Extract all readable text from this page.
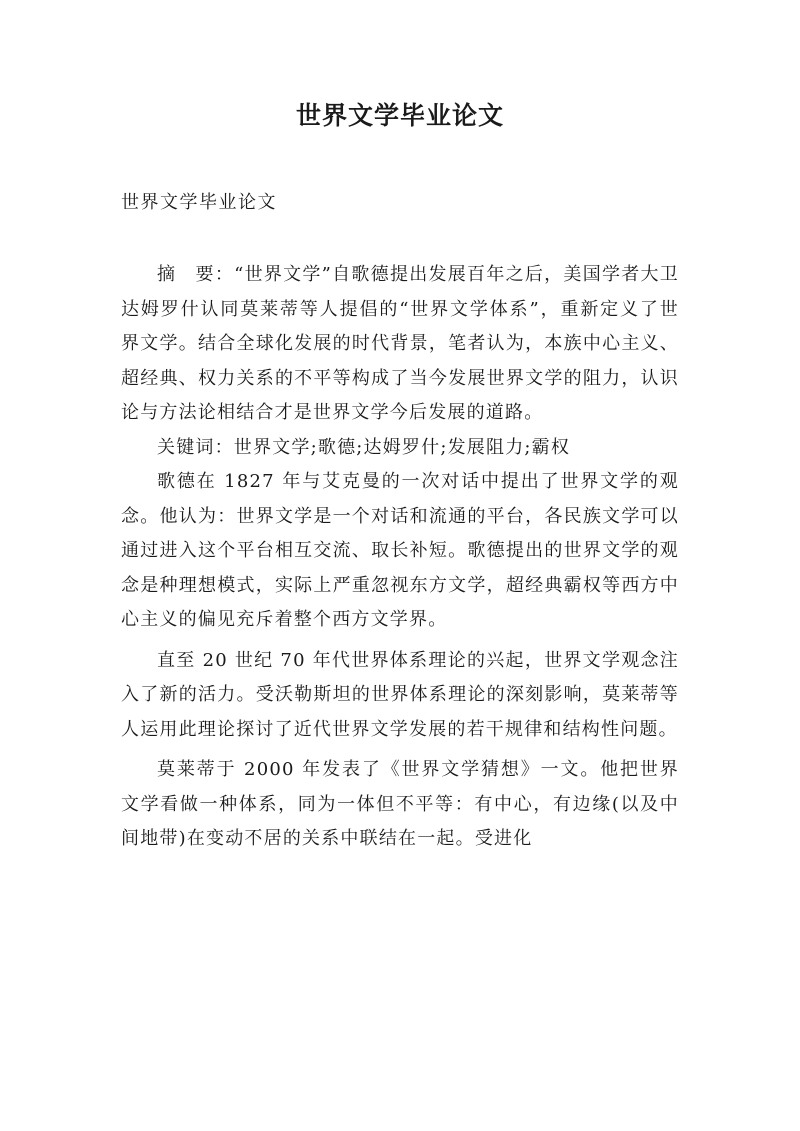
世界文学毕业论文

世界文学毕业论文

摘　要：“世界文学”自歌德提出发展百年之后，美国学者大卫达姆罗什认同莫莱蒂等人提倡的“世界文学体系”，重新定义了世界文学。结合全球化发展的时代背景，笔者认为，本族中心主义、超经典、权力关系的不平等构成了当今发展世界文学的阻力，认识论与方法论相结合才是世界文学今后发展的道路。

关键词：世界文学;歌德;达姆罗什;发展阻力;霸权

歌德在 1827 年与艾克曼的一次对话中提出了世界文学的观念。他认为：世界文学是一个对话和流通的平台，各民族文学可以通过进入这个平台相互交流、取长补短。歌德提出的世界文学的观念是种理想模式，实际上严重忽视东方文学，超经典霸权等西方中心主义的偏见充斥着整个西方文学界。

直至 20 世纪 70 年代世界体系理论的兴起，世界文学观念注入了新的活力。受沃勒斯坦的世界体系理论的深刻影响，莫莱蒂等人运用此理论探讨了近代世界文学发展的若干规律和结构性问题。

莫莱蒂于 2000 年发表了《世界文学猜想》一文。他把世界文学看做一种体系，同为一体但不平等：有中心，有边缘(以及中间地带)在变动不居的关系中联结在一起。受进化
